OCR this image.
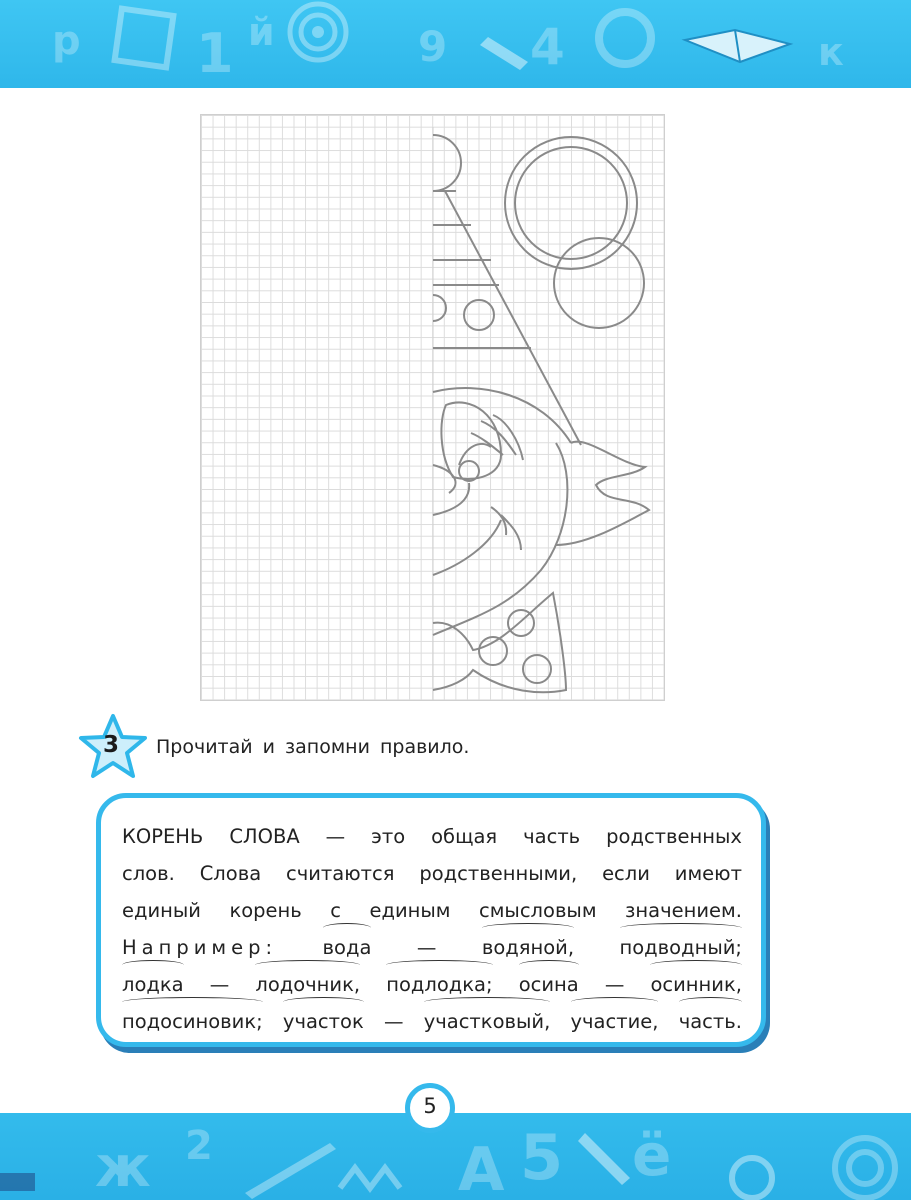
р 1 й	9 4	к
3	Прочитай и запомни правило.
КОРЕНЬ СЛОВА — это общая часть родственных
слов. Слова считаются родственными, если имеют
единый корень с единым смысловым значением.
Например: вода — водяной, подводный;
лодка — лодочник, подлодка; осина — осинник,
подосиновик; участок — участковый, участие, часть.
ж 2	А 5 ё
5
